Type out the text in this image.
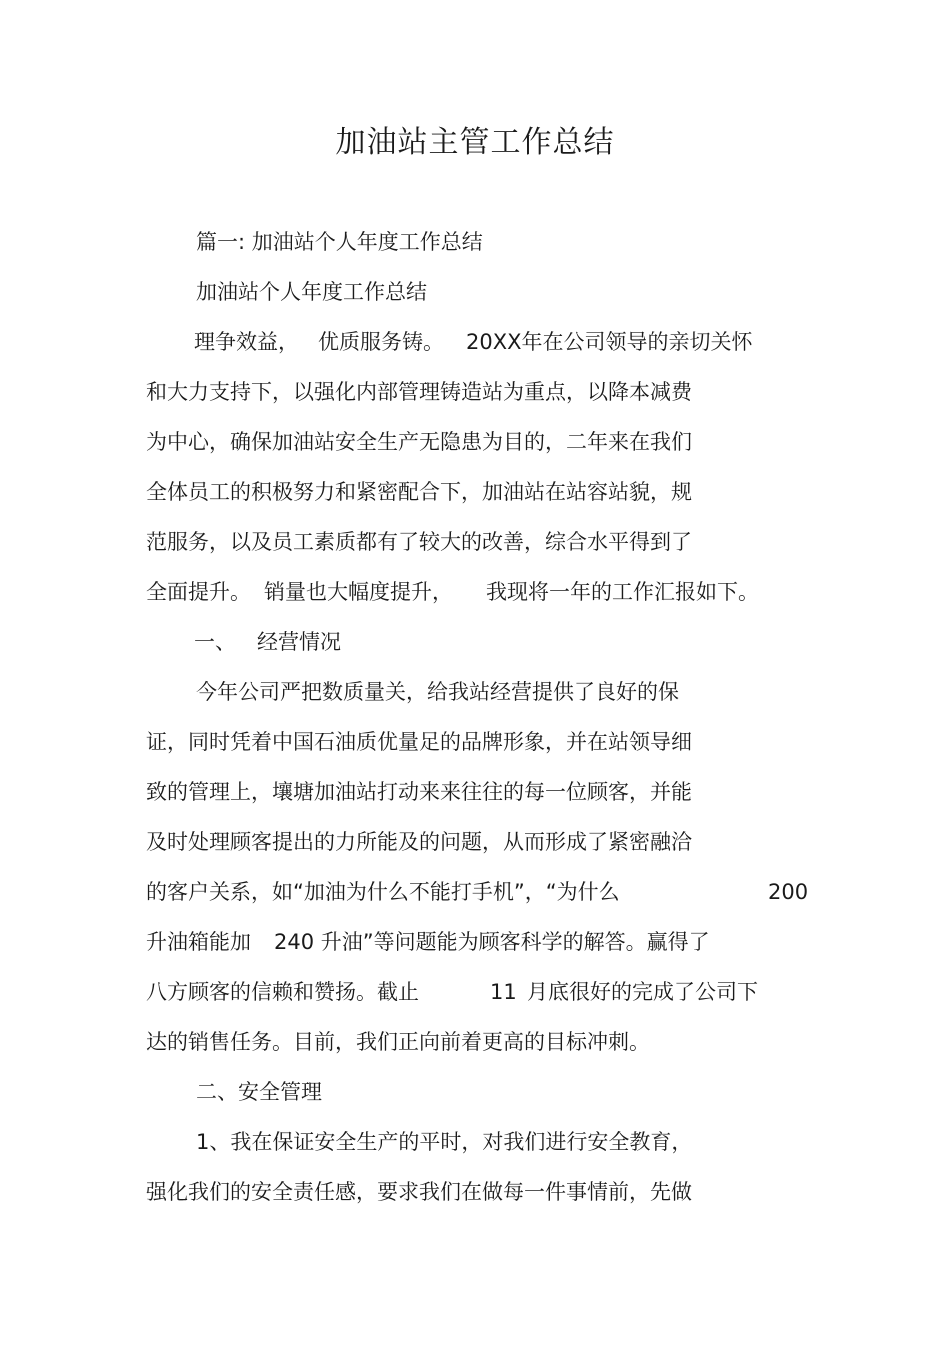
加油站主管工作总结
篇一: 加油站个人年度工作总结
加油站个人年度工作总结
理争效益， 优质服务铸。 20XX年在公司领导的亲切关怀
和大力支持下，以强化内部管理铸造站为重点，以降本减费
为中心，确保加油站安全生产无隐患为目的，二年来在我们
全体员工的积极努力和紧密配合下，加油站在站容站貌，规
范服务，以及员工素质都有了较大的改善，综合水平得到了
全面提升。 销量也大幅度提升， 我现将一年的工作汇报如下。
一、 经营情况
今年公司严把数质量关，给我站经营提供了良好的保
证，同时凭着中国石油质优量足的品牌形象，并在站领导细
致的管理上，壤塘加油站打动来来往往的每一位顾客，并能
及时处理顾客提出的力所能及的问题，从而形成了紧密融洽
的客户关系，如“加油为什么不能打手机”，“为什么	200
升油箱能加 240 升油”等问题能为顾客科学的解答。赢得了
八方顾客的信赖和赞扬。截止	11 月底很好的完成了公司下
达的销售任务。目前，我们正向前着更高的目标冲刺。
二、安全管理
1、我在保证安全生产的平时，对我们进行安全教育，
强化我们的安全责任感，要求我们在做每一件事情前，先做
